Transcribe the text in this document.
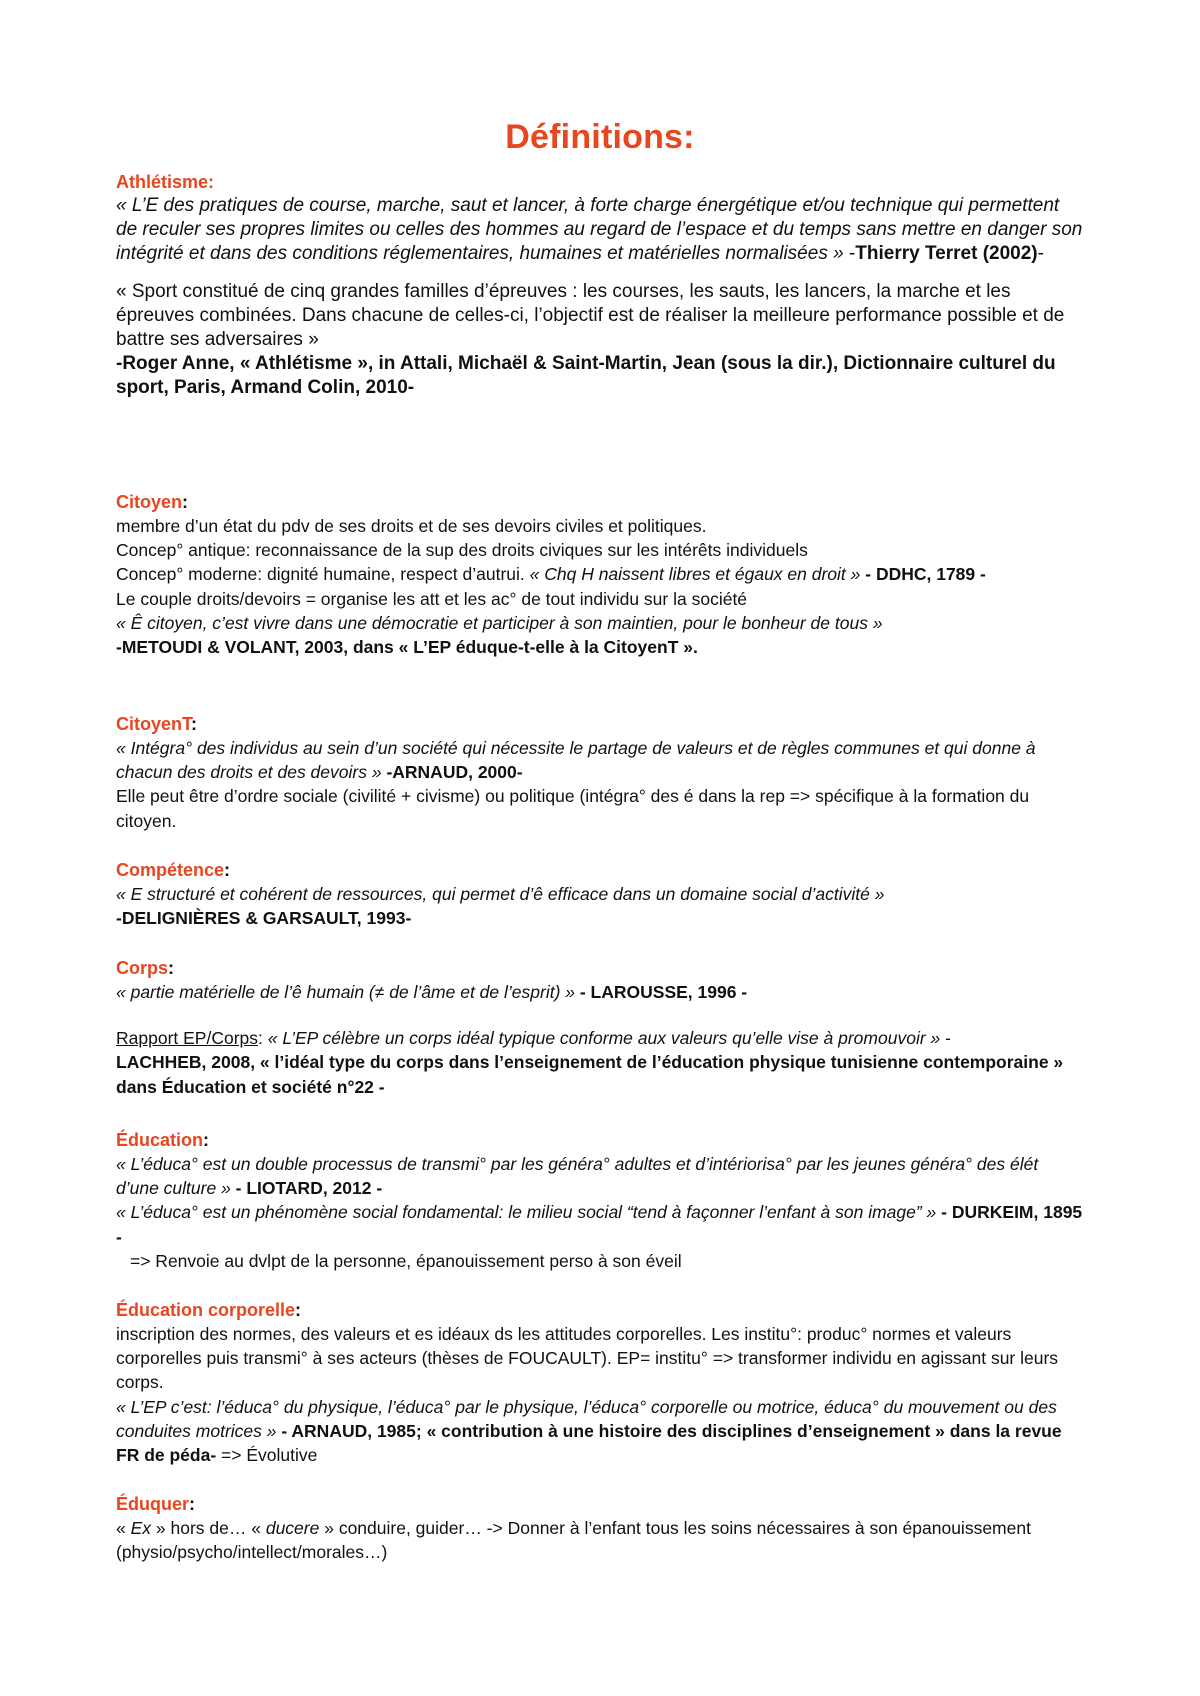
Définitions:
Athlétisme:

« L’E des pratiques de course, marche, saut et lancer, à forte charge énergétique et/ou technique qui permettent de reculer ses propres limites ou celles des hommes au regard de l’espace et du temps sans mettre en danger son intégrité et dans des conditions réglementaires, humaines et matérielles normalisées » -Thierry Terret (2002)-

« Sport constitué de cinq grandes familles d’épreuves : les courses, les sauts, les lancers, la marche et les épreuves combinées. Dans chacune de celles-ci, l’objectif est de réaliser la meilleure performance possible et de battre ses adversaires »

-Roger Anne, « Athlétisme », in Attali, Michaël & Saint-Martin, Jean (sous la dir.), Dictionnaire culturel du sport, Paris, Armand Colin, 2010-

Citoyen:

membre d’un état du pdv de ses droits et de ses devoirs civiles et politiques.

Concep° antique: reconnaissance de la sup des droits civiques sur les intérêts individuels

Concep° moderne: dignité humaine, respect d’autrui. « Chq H naissent libres et égaux en droit » - DDHC, 1789 -

Le couple droits/devoirs = organise les att et les ac° de tout individu sur la société

« Ê citoyen, c’est vivre dans une démocratie et participer à son maintien, pour le bonheur de tous »

-METOUDI & VOLANT, 2003, dans « L’EP éduque-t-elle à la CitoyenT ».

CitoyenT:

« Intégra° des individus au sein d’un société qui nécessite le partage de valeurs et de règles communes et qui donne à chacun des droits et des devoirs » -ARNAUD, 2000-

Elle peut être d’ordre sociale (civilité + civisme) ou politique (intégra° des é dans la rep => spécifique à la formation du citoyen.

Compétence:

« E structuré et cohérent de ressources, qui permet d’ê efficace dans un domaine social d’activité »

-DELIGNIÈRES & GARSAULT, 1993-

Corps:

« partie matérielle de l’ê humain (≠ de l’âme et de l’esprit) » - LAROUSSE, 1996 -

Rapport EP/Corps: « L’EP célèbre un corps idéal typique conforme aux valeurs qu’elle vise à promouvoir » -

LACHHEB, 2008, « l’idéal type du corps dans l’enseignement de l’éducation physique tunisienne contemporaine » dans Éducation et société n°22 -

Éducation:

« L’éduca° est un double processus de transmi° par les généra° adultes et d’intériorisa° par les jeunes généra° des élét d’une culture » - LIOTARD, 2012 -

« L’éduca° est un phénomène social fondamental: le milieu social “tend à façonner l’enfant à son image” » - DURKEIM, 1895 -

=> Renvoie au dvlpt de la personne, épanouissement perso à son éveil

Éducation corporelle:

inscription des normes, des valeurs et es idéaux ds les attitudes corporelles. Les institu°: produc° normes et valeurs corporelles puis transmi° à ses acteurs (thèses de FOUCAULT). EP= institu° => transformer individu en agissant sur leurs corps.

« L’EP c’est: l’éduca° du physique, l’éduca° par le physique, l’éduca° corporelle ou motrice, éduca° du mouvement ou des conduites motrices » - ARNAUD, 1985; « contribution à une histoire des disciplines d’enseignement » dans la revue FR de péda- => Évolutive

Éduquer:

« Ex » hors de… « ducere » conduire, guider… -> Donner à l’enfant tous les soins nécessaires à son épanouissement (physio/psycho/intellect/morales…)
